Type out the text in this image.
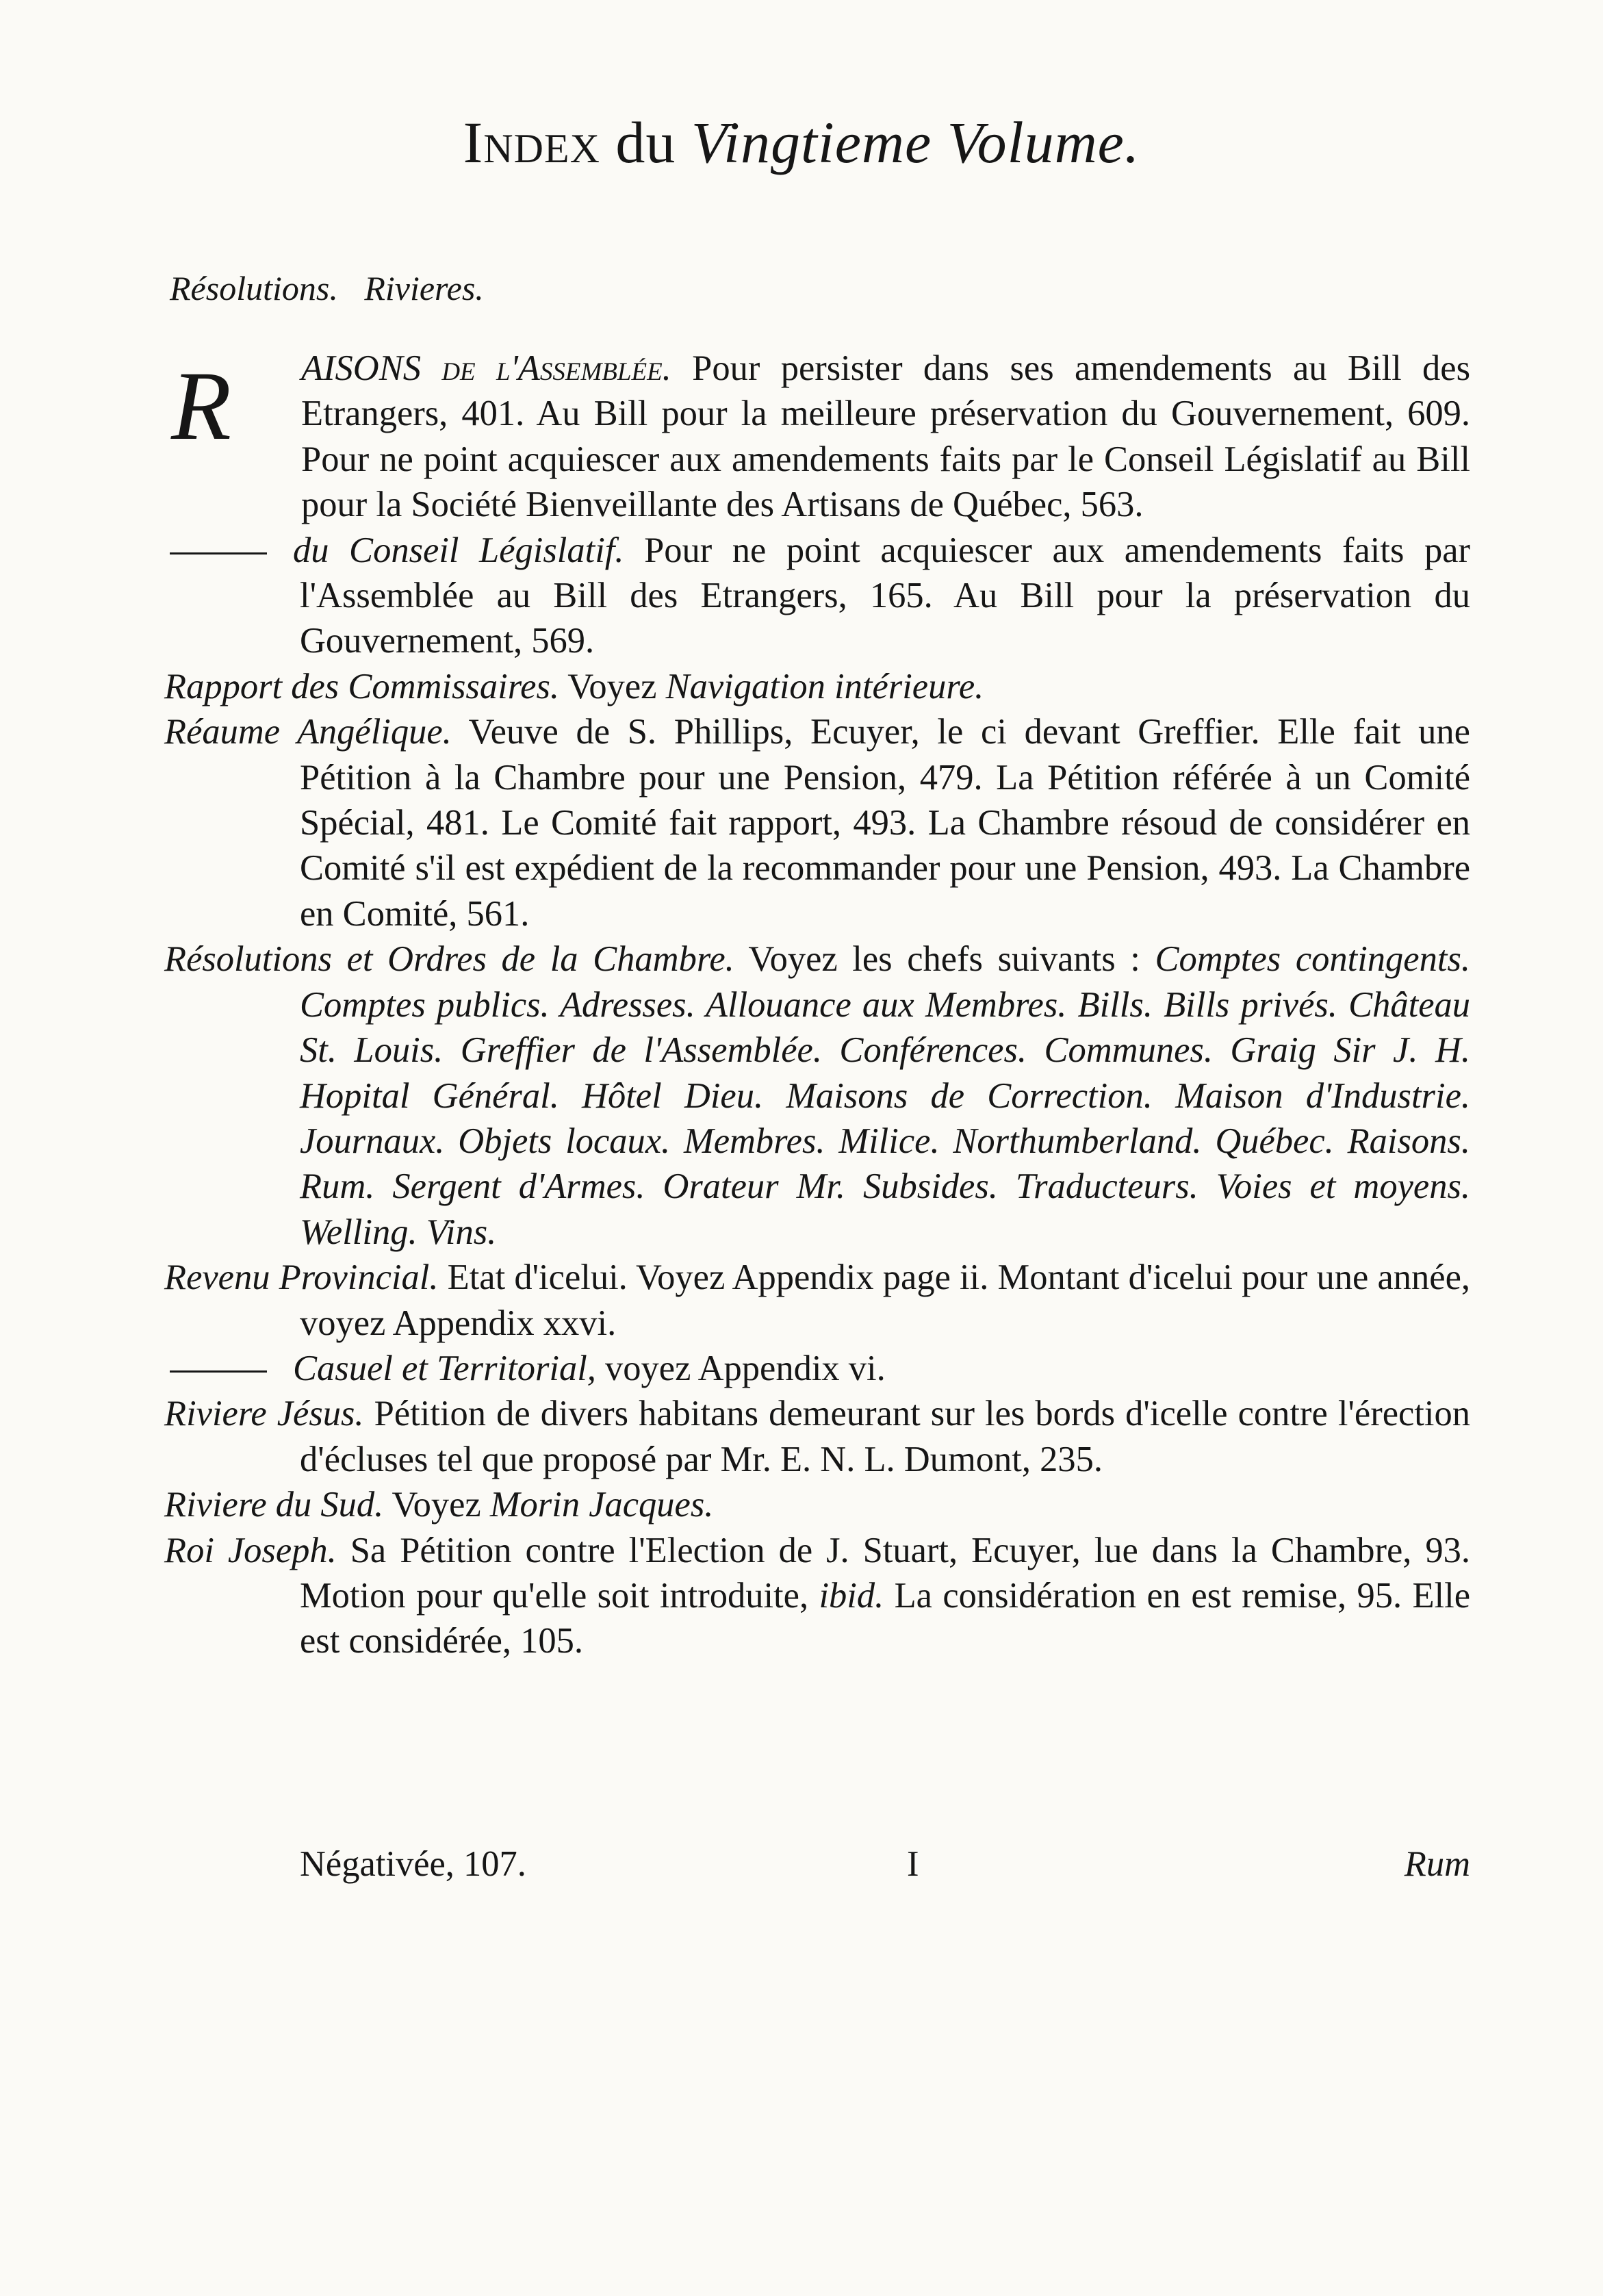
Index du Vingtieme Volume.
Résolutions. Rivieres.
R	AISONS de l'Assemblée. Pour persister dans ses amendements au Bill des Etrangers, 401. Au Bill pour la meilleure préservation du Gouvernement, 609. Pour ne point acquiescer aux amendements faits par le Conseil Législatif au Bill pour la Société Bienveillante des Artisans de Québec, 563.

du Conseil Législatif. Pour ne point acquiescer aux amendements faits par l'Assemblée au Bill des Etrangers, 165. Au Bill pour la préservation du Gouvernement, 569.

Rapport des Commissaires. Voyez Navigation intérieure.

Réaume Angélique. Veuve de S. Phillips, Ecuyer, le ci devant Greffier. Elle fait une Pétition à la Chambre pour une Pension, 479. La Pétition référée à un Comité Spécial, 481. Le Comité fait rapport, 493. La Chambre résoud de considérer en Comité s'il est expédient de la recommander pour une Pension, 493. La Chambre en Comité, 561.

Résolutions et Ordres de la Chambre. Voyez les chefs suivants : Comptes contingents. Comptes publics. Adresses. Allouance aux Membres. Bills. Bills privés. Château St. Louis. Greffier de l'Assemblée. Conférences. Communes. Graig Sir J. H. Hopital Général. Hôtel Dieu. Maisons de Correction. Maison d'Industrie. Journaux. Objets locaux. Membres. Milice. Northumberland. Québec. Raisons. Rum. Sergent d'Armes. Orateur Mr. Subsides. Traducteurs. Voies et moyens. Welling. Vins.

Revenu Provincial. Etat d'icelui. Voyez Appendix page ii. Montant d'icelui pour une année, voyez Appendix xxvi.

Casuel et Territorial, voyez Appendix vi.

Riviere Jésus. Pétition de divers habitans demeurant sur les bords d'icelle contre l'érection d'écluses tel que proposé par Mr. E. N. L. Dumont, 235.

Riviere du Sud. Voyez Morin Jacques.

Roi Joseph. Sa Pétition contre l'Election de J. Stuart, Ecuyer, lue dans la Chambre, 93. Motion pour qu'elle soit introduite, ibid. La considération en est remise, 95. Elle est considérée, 105.

Négativée, 107.	I	Rum
